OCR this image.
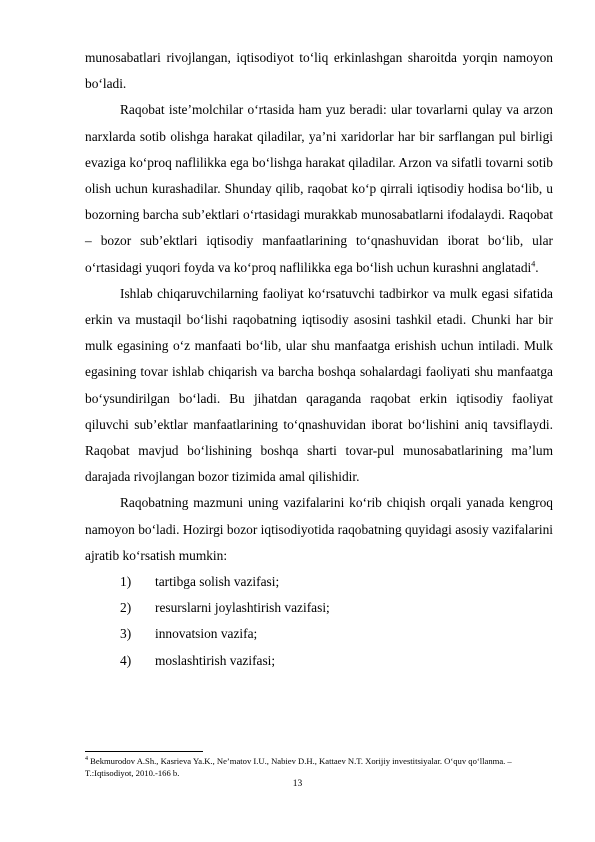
munosabatlari rivojlangan, iqtisodiyot to‘liq erkinlashgan sharoitda yorqin namoyon bo‘ladi.

Raqobat iste’molchilar o‘rtasida ham yuz beradi: ular tovarlarni qulay va arzon narxlarda sotib olishga harakat qiladilar, ya’ni xaridorlar har bir sarflangan pul birligi evaziga ko‘proq naflilikka ega bo‘lishga harakat qiladilar. Arzon va sifatli tovarni sotib olish uchun kurashadilar. Shunday qilib, raqobat ko‘p qirrali iqtisodiy hodisa bo‘lib, u bozorning barcha sub’ektlari o‘rtasidagi murakkab munosabatlarni ifodalaydi. Raqobat – bozor sub’ektlari iqtisodiy manfaatlarining to‘qnashuvidan iborat bo‘lib, ular o‘rtasidagi yuqori foyda va ko‘proq naflilikka ega bo‘lish uchun kurashni anglatadi$^4$.

Ishlab chiqaruvchilarning faoliyat ko‘rsatuvchi tadbirkor va mulk egasi sifatida erkin va mustaqil bo‘lishi raqobatning iqtisodiy asosini tashkil etadi. Chunki har bir mulk egasining o‘z manfaati bo‘lib, ular shu manfaatga erishish uchun intiladi. Mulk egasining tovar ishlab chiqarish va barcha boshqa sohalardagi faoliyati shu manfaatga bo‘ysundirilgan bo‘ladi. Bu jihatdan qaraganda raqobat erkin iqtisodiy faoliyat qiluvchi sub’ektlar manfaatlarining to‘qnashuvidan iborat bo‘lishini aniq tavsiflaydi. Raqobat mavjud bo‘lishining boshqa sharti tovar-pul munosabatlarining ma’lum darajada rivojlangan bozor tizimida amal qilishidir.

Raqobatning mazmuni uning vazifalarini ko‘rib chiqish orqali yanada kengroq namoyon bo‘ladi. Hozirgi bozor iqtisodiyotida raqobatning quyidagi asosiy vazifalarini ajratib ko‘rsatish mumkin:

1)	tartibga solish vazifasi;
2)	resurslarni joylashtirish vazifasi;
3)	innovatsion vazifa;
4)	moslashtirish vazifasi;
$^4$ Bekmurodov A.Sh., Kasrieva Ya.K., Ne’matov I.U., Nabiev D.H., Kattaev N.T. Xorijiy investitsiyalar. O‘quv qo‘llanma. –T.:Iqtisodiyot, 2010.-166 b.
13
